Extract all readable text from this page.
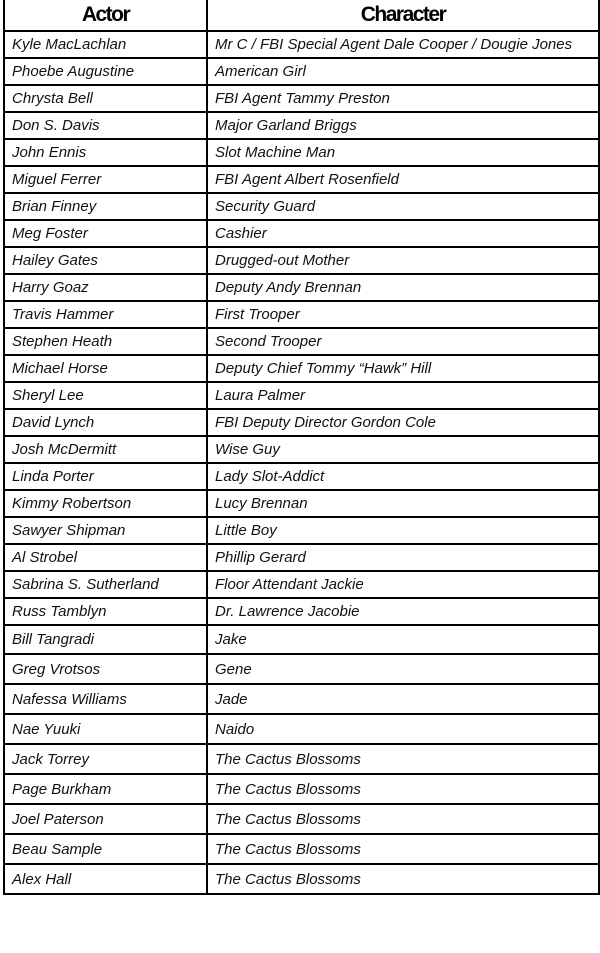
Actor	Character
Kyle MacLachlan	Mr C / FBI Special Agent Dale Cooper / Dougie Jones
Phoebe Augustine	American Girl
Chrysta Bell	FBI Agent Tammy Preston
Don S. Davis	Major Garland Briggs
John Ennis	Slot Machine Man
Miguel Ferrer	FBI Agent Albert Rosenfield
Brian Finney	Security Guard
Meg Foster	Cashier
Hailey Gates	Drugged-out Mother
Harry Goaz	Deputy Andy Brennan
Travis Hammer	First Trooper
Stephen Heath	Second Trooper
Michael Horse	Deputy Chief Tommy “Hawk” Hill
Sheryl Lee	Laura Palmer
David Lynch	FBI Deputy Director Gordon Cole
Josh McDermitt	Wise Guy
Linda Porter	Lady Slot-Addict
Kimmy Robertson	Lucy Brennan
Sawyer Shipman	Little Boy
Al Strobel	Phillip Gerard
Sabrina S. Sutherland	Floor Attendant Jackie
Russ Tamblyn	Dr. Lawrence Jacobie
Bill Tangradi	Jake
Greg Vrotsos	Gene
Nafessa Williams	Jade
Nae Yuuki	Naido
Jack Torrey	The Cactus Blossoms
Page Burkham	The Cactus Blossoms
Joel Paterson	The Cactus Blossoms
Beau Sample	The Cactus Blossoms
Alex Hall	The Cactus Blossoms
